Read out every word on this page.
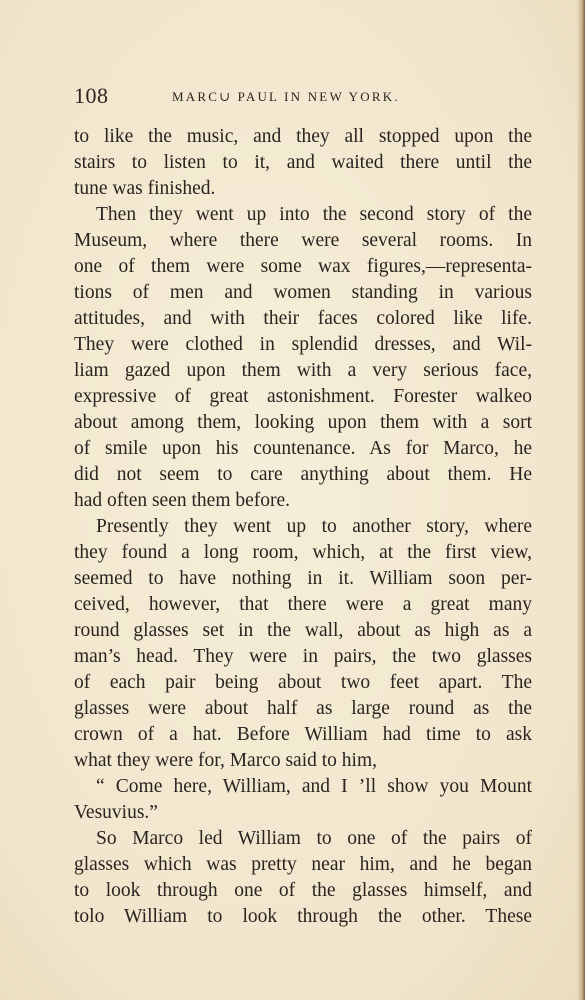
108	MARC∪ PAUL IN NEW YORK.
to like the music, and they all stopped upon the
stairs to listen to it, and waited there until the
tune was finished.
Then they went up into the second story of the
Museum, where there were several rooms. In
one of them were some wax figures,—representa-
tions of men and women standing in various
attitudes, and with their faces colored like life.
They were clothed in splendid dresses, and Wil-
liam gazed upon them with a very serious face,
expressive of great astonishment. Forester walkeo
about among them, looking upon them with a sort
of smile upon his countenance. As for Marco, he
did not seem to care anything about them. He
had often seen them before.
Presently they went up to another story, where
they found a long room, which, at the first view,
seemed to have nothing in it. William soon per-
ceived, however, that there were a great many
round glasses set in the wall, about as high as a
man’s head. They were in pairs, the two glasses
of each pair being about two feet apart. The
glasses were about half as large round as the
crown of a hat. Before William had time to ask
what they were for, Marco said to him,
“ Come here, William, and I ’ll show you Mount
Vesuvius.”
So Marco led William to one of the pairs of
glasses which was pretty near him, and he began
to look through one of the glasses himself, and
tolo William to look through the other. These
